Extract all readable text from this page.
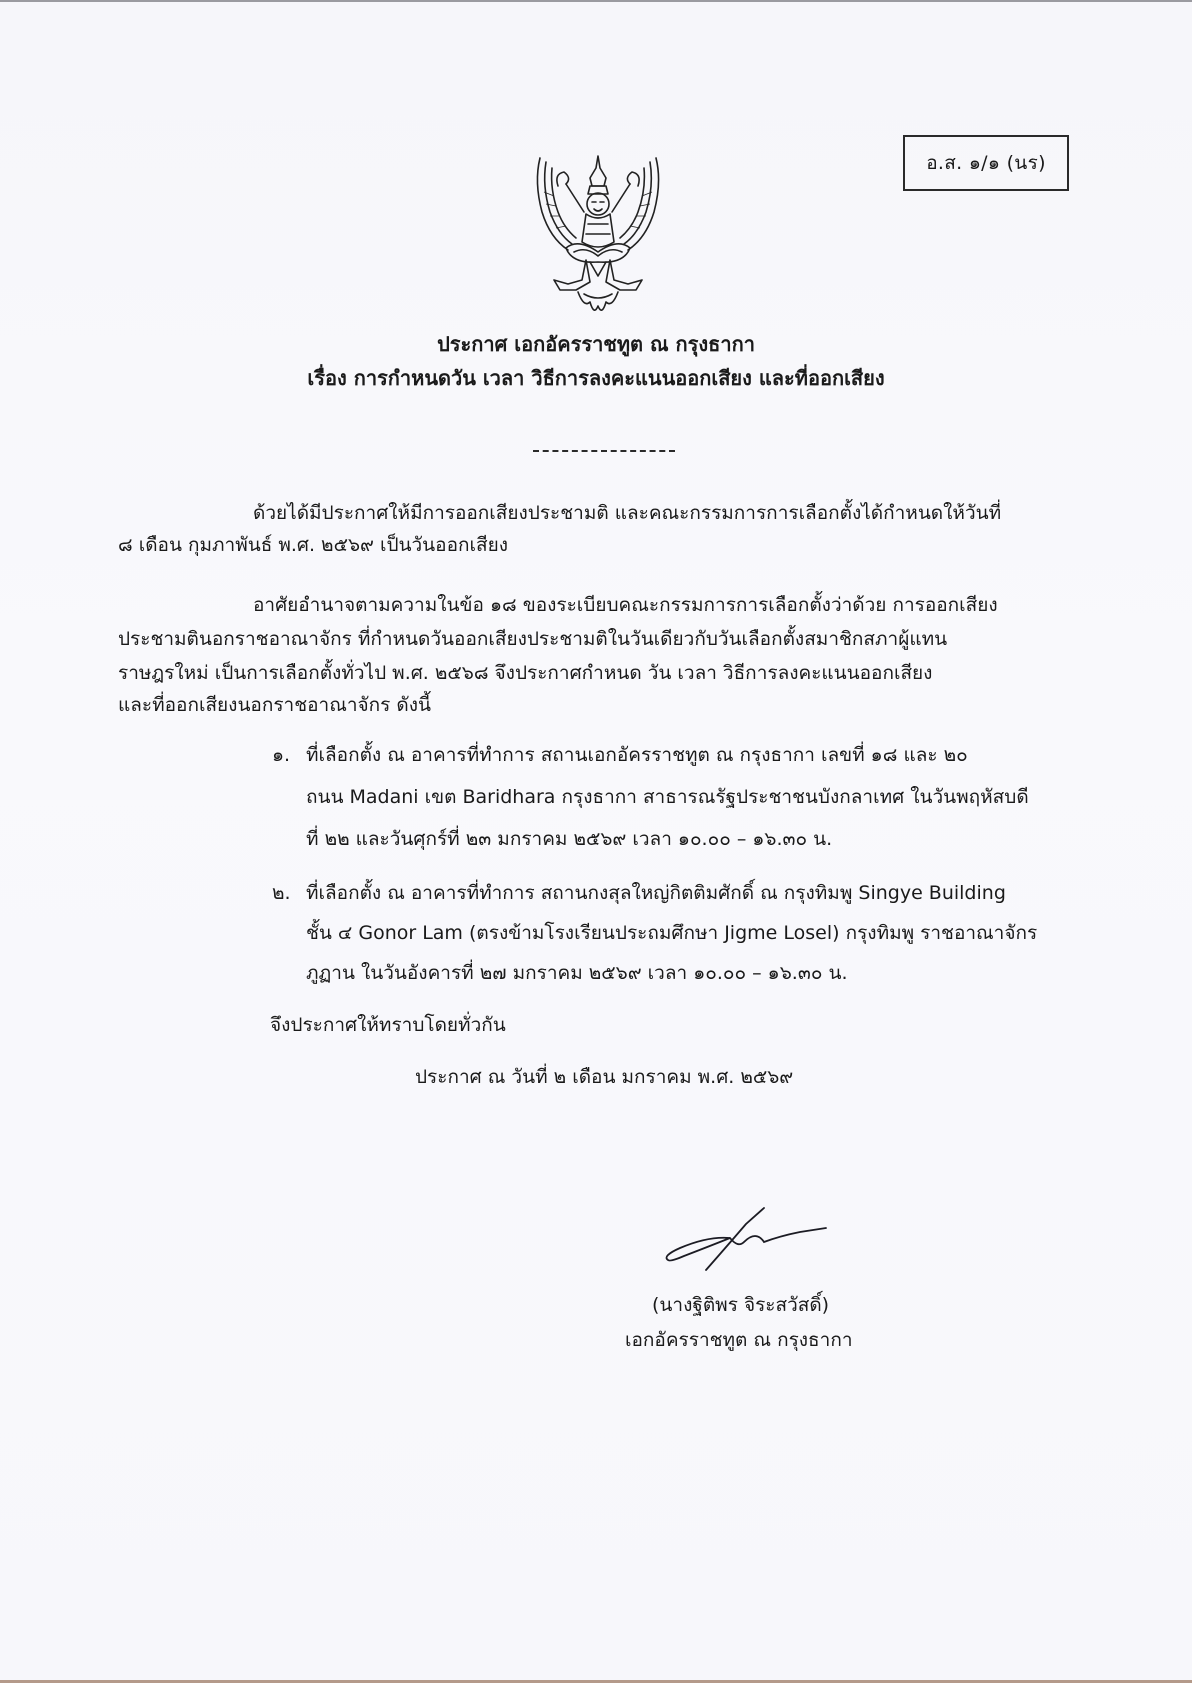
อ.ส. ๑/๑ (นร)
ประกาศ เอกอัครราชทูต ณ กรุงธากา
เรื่อง การกำหนดวัน เวลา วิธีการลงคะแนนออกเสียง และที่ออกเสียง
ด้วยได้มีประกาศให้มีการออกเสียงประชามติ และคณะกรรมการการเลือกตั้งได้กำหนดให้วันที่
๘ เดือน กุมภาพันธ์ พ.ศ. ๒๕๖๙ เป็นวันออกเสียง
อาศัยอำนาจตามความในข้อ ๑๘ ของระเบียบคณะกรรมการการเลือกตั้งว่าด้วย การออกเสียง
ประชามตินอกราชอาณาจักร ที่กำหนดวันออกเสียงประชามติในวันเดียวกับวันเลือกตั้งสมาชิกสภาผู้แทน
ราษฎรใหม่ เป็นการเลือกตั้งทั่วไป พ.ศ. ๒๕๖๘ จึงประกาศกำหนด วัน เวลา วิธีการลงคะแนนออกเสียง
และที่ออกเสียงนอกราชอาณาจักร ดังนี้
๑. ที่เลือกตั้ง ณ อาคารที่ทำการ สถานเอกอัครราชทูต ณ กรุงธากา เลขที่ ๑๘ และ ๒๐
ถนน Madani เขต Baridhara กรุงธากา สาธารณรัฐประชาชนบังกลาเทศ ในวันพฤหัสบดี
ที่ ๒๒ และวันศุกร์ที่ ๒๓ มกราคม ๒๕๖๙ เวลา ๑๐.๐๐ – ๑๖.๓๐ น.
๒. ที่เลือกตั้ง ณ อาคารที่ทำการ สถานกงสุลใหญ่กิตติมศักดิ์ ณ กรุงทิมพู Singye Building
ชั้น ๔ Gonor Lam (ตรงข้ามโรงเรียนประถมศึกษา Jigme Losel) กรุงทิมพู ราชอาณาจักร
ภูฏาน ในวันอังคารที่ ๒๗ มกราคม ๒๕๖๙ เวลา ๑๐.๐๐ – ๑๖.๓๐ น.
จึงประกาศให้ทราบโดยทั่วกัน
ประกาศ ณ วันที่ ๒ เดือน มกราคม พ.ศ. ๒๕๖๙
(นางฐิติพร จิระสวัสดิ์)
เอกอัครราชทูต ณ กรุงธากา
